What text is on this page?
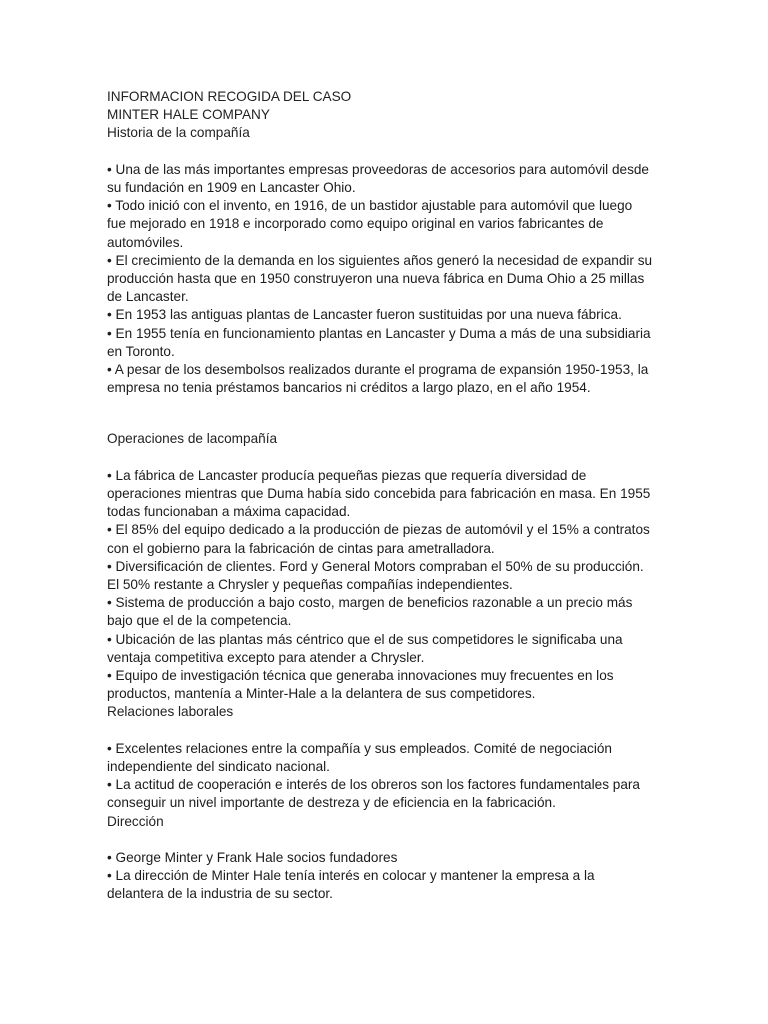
INFORMACION RECOGIDA DEL CASO
MINTER HALE COMPANY
Historia de la compañía
• Una de las más importantes empresas proveedoras de accesorios para automóvil desde
su fundación en 1909 en Lancaster Ohio.
• Todo inició con el invento, en 1916, de un bastidor ajustable para automóvil que luego
fue mejorado en 1918 e incorporado como equipo original en varios fabricantes de
automóviles.
• El crecimiento de la demanda en los siguientes años generó la necesidad de expandir su
producción hasta que en 1950 construyeron una nueva fábrica en Duma Ohio a 25 millas
de Lancaster.
• En 1953 las antiguas plantas de Lancaster fueron sustituidas por una nueva fábrica.
• En 1955 tenía en funcionamiento plantas en Lancaster y Duma a más de una subsidiaria
en Toronto.
• A pesar de los desembolsos realizados durante el programa de expansión 1950-1953, la
empresa no tenia préstamos bancarios ni créditos a largo plazo, en el año 1954.
Operaciones de lacompañía
• La fábrica de Lancaster producía pequeñas piezas que requería diversidad de
operaciones mientras que Duma había sido concebida para fabricación en masa. En 1955
todas funcionaban a máxima capacidad.
• El 85% del equipo dedicado a la producción de piezas de automóvil y el 15% a contratos
con el gobierno para la fabricación de cintas para ametralladora.
• Diversificación de clientes. Ford y General Motors compraban el 50% de su producción.
El 50% restante a Chrysler y pequeñas compañías independientes.
• Sistema de producción a bajo costo, margen de beneficios razonable a un precio más
bajo que el de la competencia.
• Ubicación de las plantas más céntrico que el de sus competidores le significaba una
ventaja competitiva excepto para atender a Chrysler.
• Equipo de investigación técnica que generaba innovaciones muy frecuentes en los
productos, mantenía a Minter-Hale a la delantera de sus competidores.
Relaciones laborales
• Excelentes relaciones entre la compañía y sus empleados. Comité de negociación
independiente del sindicato nacional.
• La actitud de cooperación e interés de los obreros son los factores fundamentales para
conseguir un nivel importante de destreza y de eficiencia en la fabricación.
Dirección
• George Minter y Frank Hale socios fundadores
• La dirección de Minter Hale tenía interés en colocar y mantener la empresa a la
delantera de la industria de su sector.
